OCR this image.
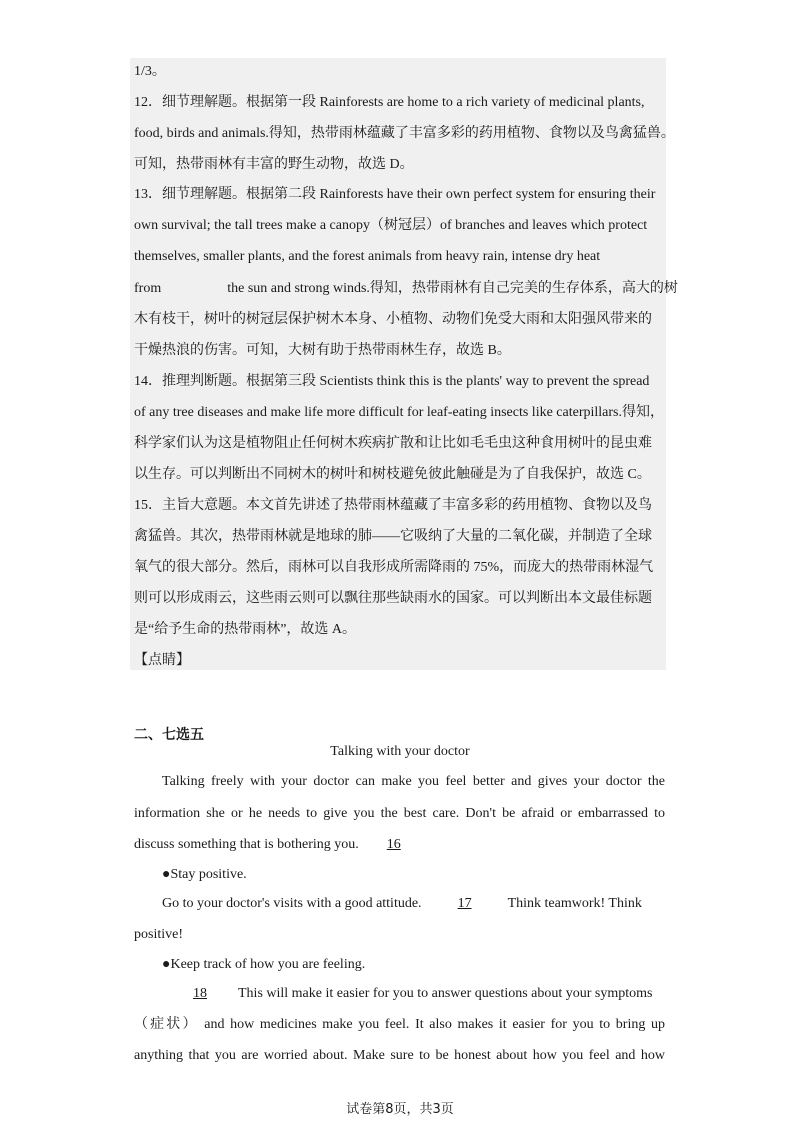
1/3。
12．细节理解题。根据第一段 Rainforests are home to a rich variety of medicinal plants,
food, birds and animals.得知，热带雨林蕴藏了丰富多彩的药用植物、食物以及鸟禽猛兽。
可知，热带雨林有丰富的野生动物，故选 D。
13．细节理解题。根据第二段 Rainforests have their own perfect system for ensuring their
own survival; the tall trees make a canopy（树冠层）of branches and leaves which protect
themselves, smaller plants, and the forest animals from heavy rain, intense dry heat
from	the sun and strong winds.得知，热带雨林有自己完美的生存体系，高大的树
木有枝干，树叶的树冠层保护树木本身、小植物、动物们免受大雨和太阳强风带来的
干燥热浪的伤害。可知，大树有助于热带雨林生存，故选 B。
14．推理判断题。根据第三段 Scientists think this is the plants' way to prevent the spread
of any tree diseases and make life more difficult for leaf-eating insects like caterpillars.得知，
科学家们认为这是植物阻止任何树木疾病扩散和让比如毛毛虫这种食用树叶的昆虫难
以生存。可以判断出不同树木的树叶和树枝避免彼此触碰是为了自我保护，故选 C。
15．主旨大意题。本文首先讲述了热带雨林蕴藏了丰富多彩的药用植物、食物以及鸟
禽猛兽。其次，热带雨林就是地球的肺——它吸纳了大量的二氧化碳，并制造了全球
氧气的很大部分。然后，雨林可以自我形成所需降雨的 75%，而庞大的热带雨林湿气
则可以形成雨云，这些雨云则可以飘往那些缺雨水的国家。可以判断出本文最佳标题
是“给予生命的热带雨林”，故选 A。
【点睛】
二、七选五
Talking with your doctor
Talking freely with your doctor can make you feel better and gives your doctor the
information she or he needs to give you the best care. Don't be afraid or embarrassed to
discuss something that is bothering you. 16
●Stay positive.
Go to your doctor's visits with a good attitude.	17	Think teamwork! Think
positive!
●Keep track of how you are feeling.
18 This will make it easier for you to answer questions about your symptoms
（症状） and how medicines make you feel. It also makes it easier for you to bring up
anything that you are worried about. Make sure to be honest about how you feel and how
试卷第8页，共3页
